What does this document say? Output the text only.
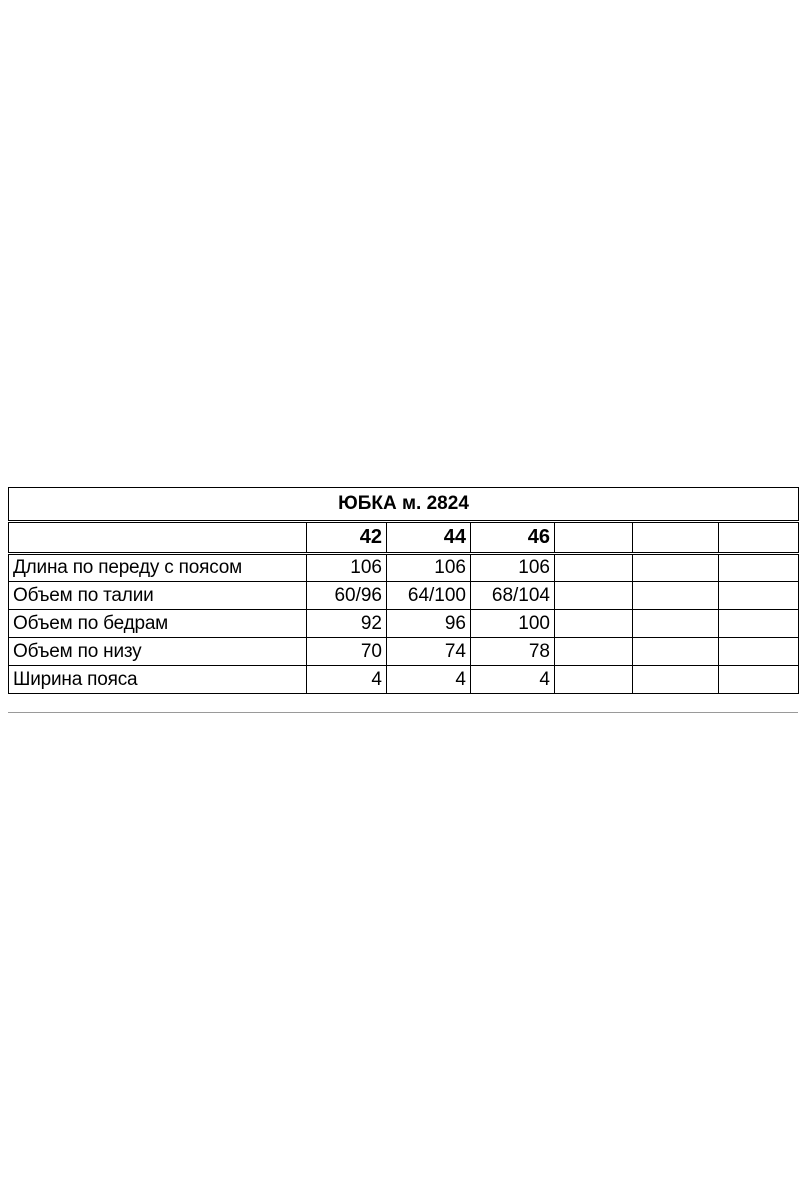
ЮБКА м. 2824						
	42	44	46			
Длина по переду с поясом	106	106	106			
Объем по талии	60/96	64/100	68/104			
Объем по бедрам	92	96	100			
Объем по низу	70	74	78			
Ширина пояса	4	4	4			
